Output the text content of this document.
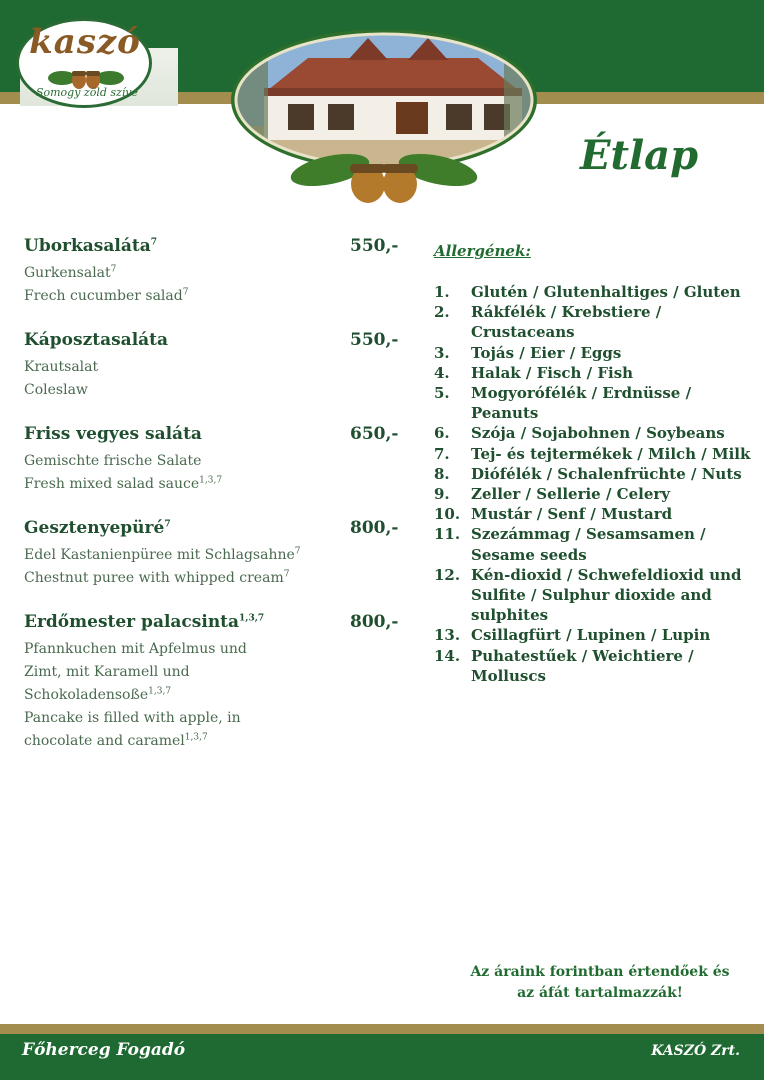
kaszó
Somogy zöld szíve
Étlap
Uborkasaláta$^7$	550,-
Gurkensalat$^7$
Frech cucumber salad$^7$
Káposztasaláta	550,-
Krautsalat
Coleslaw
Friss vegyes saláta	650,-
Gemischte frische Salate
Fresh mixed salad sauce$^{1,3,7}$
Gesztenyepüré$^7$	800,-
Edel Kastanienpüree mit Schlagsahne$^7$
Chestnut puree with whipped cream$^7$
Erdőmester palacsinta$^{1,3,7}$	800,-
Pfannkuchen mit Apfelmus und Zimt, mit Karamell und Schokoladensoße$^{1,3,7}$
Pancake is filled with apple, in chocolate and caramel$^{1,3,7}$
Allergének:
1. Glutén / Glutenhaltiges / Gluten
2. Rákfélék / Krebstiere / Crustaceans
3. Tojás / Eier / Eggs
4. Halak / Fisch / Fish
5. Mogyorófélék / Erdnüsse / Peanuts
6. Szója / Sojabohnen / Soybeans
7. Tej- és tejtermékek / Milch / Milk
8. Diófélék / Schalenfrüchte / Nuts
9. Zeller / Sellerie / Celery
10. Mustár / Senf / Mustard
11. Szezámmag / Sesamsamen / Sesame seeds
12. Kén-dioxid / Schwefeldioxid und Sulfite / Sulphur dioxide and sulphites
13. Csillagfürt / Lupinen / Lupin
14. Puhatestűek / Weichtiere / Molluscs
Az áraink forintban értendőek és
az áfát tartalmazzák!
Főherceg Fogadó	KASZÓ Zrt.
